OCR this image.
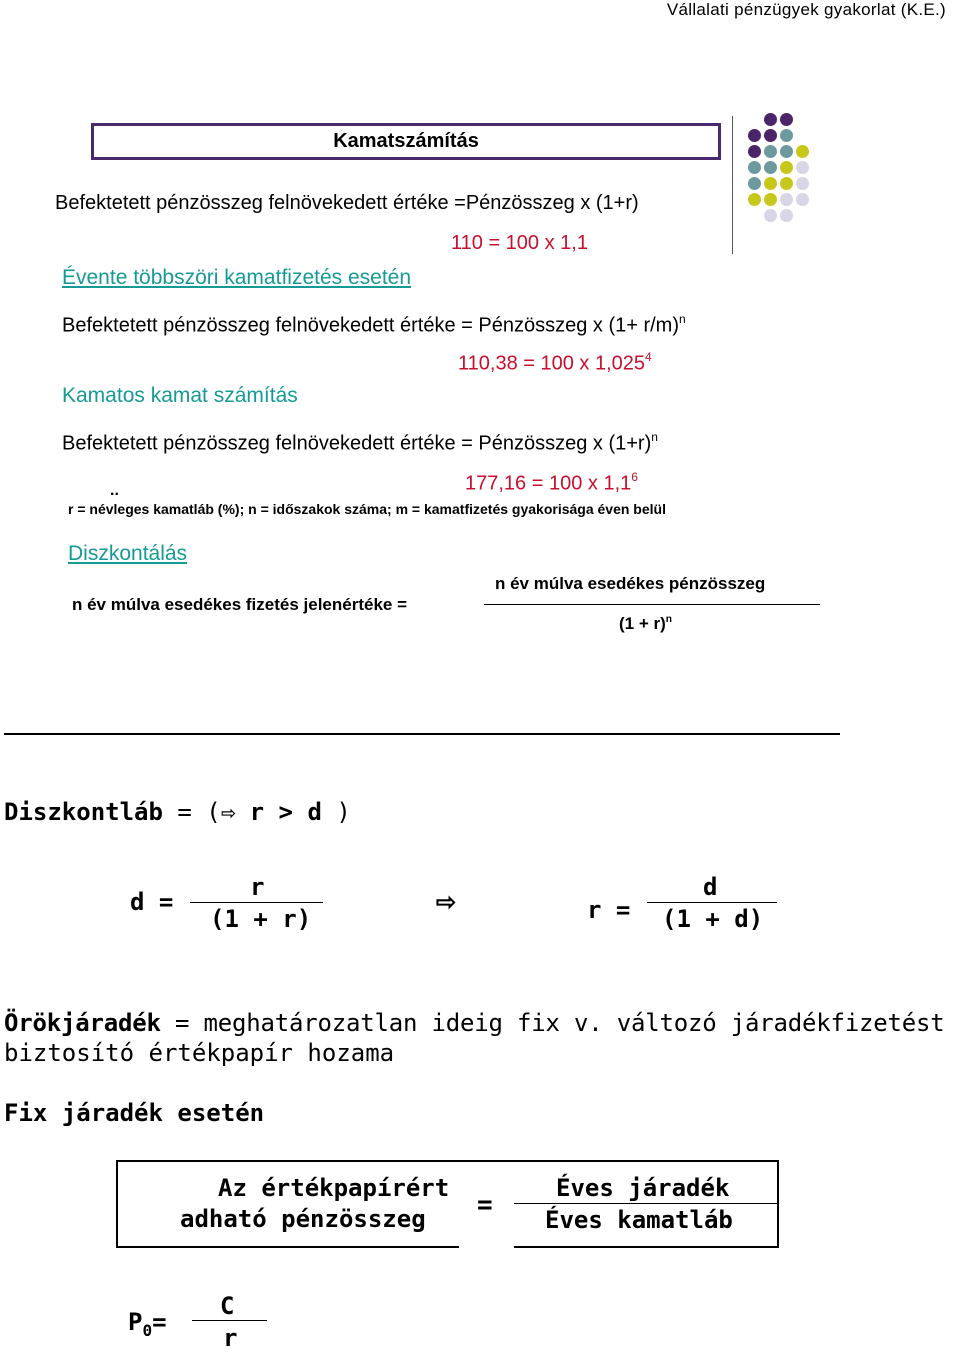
Vállalati pénzügyek gyakorlat (K.E.)
Kamatszámítás
Befektetett pénzösszeg felnövekedett értéke =Pénzösszeg x (1+r)
110 = 100 x 1,1
Évente többszöri kamatfizetés esetén
Befektetett pénzösszeg felnövekedett értéke = Pénzösszeg x $(1+ r/m)^n$
110,38 = 100 x 1,025$^4$
Kamatos kamat számítás
Befektetett pénzösszeg felnövekedett értéke = Pénzösszeg x $(1+r)^n$
177,16 = 100 x $1,1^6$
..
r = névleges kamatláb (%); n = időszakok száma; m = kamatfizetés gyakorisága éven belül
Diszkontálás
n év múlva esedékes fizetés jelenértéke =
n év múlva esedékes pénzösszeg
$(1 + r)^n$
Diszkontláb = (⇨ r > d )
d =
r
(1 + r)
⇨	r =
d
(1 + d)
Örökjáradék = meghatározatlan ideig fix v. változó járadékfizetést
biztosító értékpapír hozama
Fix járadék esetén
Az értékpapírért
adható pénzösszeg =
Éves járadék
Éves kamatláb
$P_0=$
C
r
